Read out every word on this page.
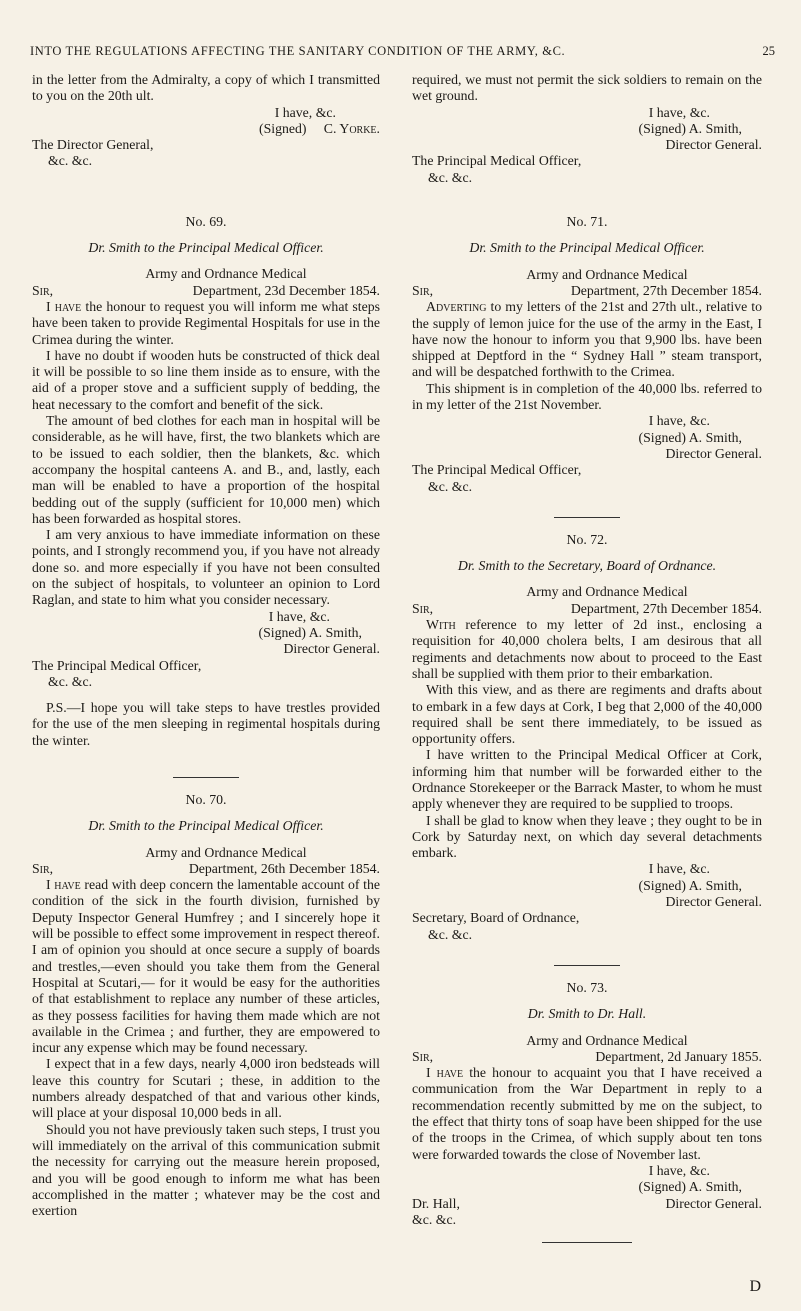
INTO THE REGULATIONS AFFECTING THE SANITARY CONDITION OF THE ARMY, &C.	25

in the letter from the Admiralty, a copy of which I transmitted to you on the 20th ult.

I have, &c.

(Signed) C. Yorke.

The Director General,

&c. &c.

No. 69.

Dr. Smith to the Principal Medical Officer.

Army and Ordnance Medical

Sir,	Department, 23d December 1854.

I have the honour to request you will inform me what steps have been taken to provide Regimental Hospitals for use in the Crimea during the winter.

I have no doubt if wooden huts be constructed of thick deal it will be possible to so line them inside as to ensure, with the aid of a proper stove and a sufficient supply of bedding, the heat necessary to the comfort and benefit of the sick.

The amount of bed clothes for each man in hospital will be considerable, as he will have, first, the two blankets which are to be issued to each soldier, then the blankets, &c. which accompany the hospital canteens A. and B., and, lastly, each man will be enabled to have a proportion of the hospital bedding out of the supply (sufficient for 10,000 men) which has been forwarded as hospital stores.

I am very anxious to have immediate information on these points, and I strongly recommend you, if you have not already done so. and more especially if you have not been consulted on the subject of hospitals, to volunteer an opinion to Lord Raglan, and state to him what you consider necessary.

I have, &c.

(Signed) A. Smith,

Director General.

The Principal Medical Officer,

&c. &c.

P.S.—I hope you will take steps to have trestles provided for the use of the men sleeping in regimental hospitals during the winter.

No. 70.

Dr. Smith to the Principal Medical Officer.

Army and Ordnance Medical

Sir,	Department, 26th December 1854.

I have read with deep concern the lamentable account of the condition of the sick in the fourth division, furnished by Deputy Inspector General Humfrey ; and I sincerely hope it will be possible to effect some improvement in respect thereof. I am of opinion you should at once secure a supply of boards and trestles,—even should you take them from the General Hospital at Scutari,— for it would be easy for the authorities of that establishment to replace any number of these articles, as they possess facilities for having them made which are not available in the Crimea ; and further, they are empowered to incur any expense which may be found necessary.

I expect that in a few days, nearly 4,000 iron bedsteads will leave this country for Scutari ; these, in addition to the numbers already despatched of that and various other kinds, will place at your disposal 10,000 beds in all.

Should you not have previously taken such steps, I trust you will immediately on the arrival of this communication submit the necessity for carrying out the measure herein proposed, and you will be good enough to inform me what has been accomplished in the matter ; whatever may be the cost and exertion

required, we must not permit the sick soldiers to remain on the wet ground.

I have, &c.

(Signed) A. Smith,

Director General.

The Principal Medical Officer,

&c. &c.

No. 71.

Dr. Smith to the Principal Medical Officer.

Army and Ordnance Medical

Sir,	Department, 27th December 1854.

Adverting to my letters of the 21st and 27th ult., relative to the supply of lemon juice for the use of the army in the East, I have now the honour to inform you that 9,900 lbs. have been shipped at Deptford in the “ Sydney Hall ” steam transport, and will be despatched forthwith to the Crimea.

This shipment is in completion of the 40,000 lbs. referred to in my letter of the 21st November.

I have, &c.

(Signed) A. Smith,

Director General.

The Principal Medical Officer,

&c. &c.

No. 72.

Dr. Smith to the Secretary, Board of Ordnance.

Army and Ordnance Medical

Sir,	Department, 27th December 1854.

With reference to my letter of 2d inst., enclosing a requisition for 40,000 cholera belts, I am desirous that all regiments and detachments now about to proceed to the East shall be supplied with them prior to their embarkation.

With this view, and as there are regiments and drafts about to embark in a few days at Cork, I beg that 2,000 of the 40,000 required shall be sent there immediately, to be issued as opportunity offers.

I have written to the Principal Medical Officer at Cork, informing him that number will be forwarded either to the Ordnance Storekeeper or the Barrack Master, to whom he must apply whenever they are required to be supplied to troops.

I shall be glad to know when they leave ; they ought to be in Cork by Saturday next, on which day several detachments embark.

I have, &c.

(Signed) A. Smith,

Director General.

Secretary, Board of Ordnance,

&c. &c.

No. 73.

Dr. Smith to Dr. Hall.

Army and Ordnance Medical

Sir,	Department, 2d January 1855.

I have the honour to acquaint you that I have received a communication from the War Department in reply to a recommendation recently submitted by me on the subject, to the effect that thirty tons of soap have been shipped for the use of the troops in the Crimea, of which supply about ten tons were forwarded towards the close of November last.

I have, &c.

(Signed) A. Smith,

Dr. Hall,	Director General.

&c. &c.

D
